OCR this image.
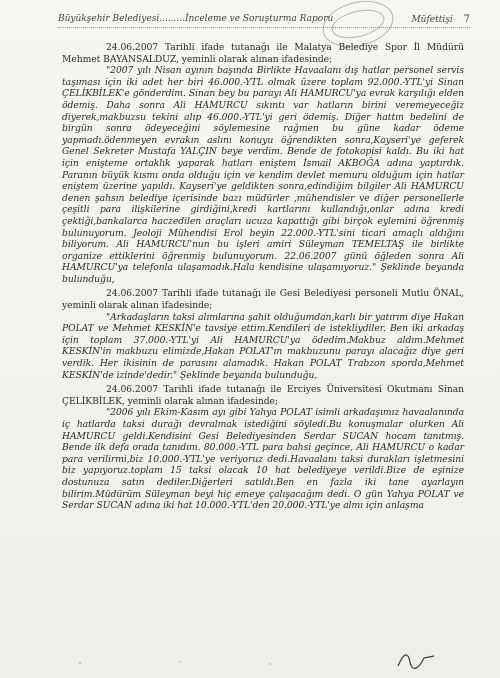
Büyükşehir Belediyesi.........İnceleme ve Soruşturma Raporu	Müfettişi 7

24.06.2007 Tarihli ifade tutanağı ile Malatya Belediye Spor İl Müdürü Mehmet BAYANSALDUZ, yeminli olarak alınan ifadesinde;

"2007 yılı Nisan ayının başında Birlikte Havaalanı dış hatlar personel servis taşıması için iki adet her biri 46.000.-YTL olmak üzere toplam 92.000.-YTL'yi Sinan ÇELİKBİLEK'e gönderdim. Sinan bey bu parayı Ali HAMURCU'ya evrak karşılığı elden ödemiş. Daha sonra Ali HAMURCU sıkıntı var hatların birini veremeyeceğiz diyerek,makbuzsu tekini alıp 46.000.-YTL'yi geri ödemiş. Diğer hattın bedelini de birgün sonra ödeyeceğini söylemesine rağmen bu güne kadar ödeme yapmadı.ödenmeyen evrakın aslını konuyu öğrendikten sonra,Kayseri'ye geferek Genel Sekreter Mustafa YALÇIN beye verdim. Bende de fotokopisi kaldı. Bu iki hat için enişteme ortaklık yaparak hatları eniştem İsmail AKBOĞA adına yaptırdık. Paranın büyük kısmı onda olduğu için ve kendim devlet memuru olduğum için hatlar eniştem üzerine yapıldı. Kayseri'ye geldikten sonra,edindiğim bilgiler Ali HAMURCU denen şahsın belediye içerisinde bazı müdürler ,mühendisler ve diğer personellerle çeşitli para ilişkilerine girdiğini,kredi kartlarını kullandığı,onlar adına kredi çektiği,bankalarca haczedilen araçları ucuza kapattığı gibi birçok eylemini öğrenmiş bulunuyorum. Jeoloji Mühendisi Erol beyin 22.000.-YTL'sini ticari amaçlı aldığını biliyorum. Ali HAMURCU'nun bu işleri amiri Süleyman TEMELTAŞ ile birlikte organize ettiklerini öğrenmiş bulunuyorum. 22.06.2007 günü öğleden sonra Ali HAMURCU'ya telefonla ulaşamadık.Hala kendisine ulaşamıyoruz." Şeklinde beyanda bulunduğu,

24.06.2007 Tarihli ifade tutanağı ile Gesi Belediyesi personeli Mutlu ÖNAL, yeminli olarak alınan ifadesinde;

"Arkadaşların taksi alımlarına şahit olduğumdan,karlı bir yatırım diye Hakan POLAT ve Mehmet KESKİN'e tavsiye ettim.Kendileri de istekliydiler. Ben iki arkadaş için toplam 37.000.-YTL'yi Ali HAMURCU'ya ödedim.Makbuz aldım.Mehmet KESKİN'in makbuzu elimizde,Hakan POLAT'ın makbuzunu parayı alacağız diye geri verdik. Her ikisinin de parasını alamadık. Hakan POLAT Trabzon sporda,Mehmet KESKİN'de izinde'dedir." Şeklinde beyanda bulunduğu,

24.06.2007 Tarihli ifade tutanağı ile Erciyes Üniversitesi Okutmanı Sinan ÇELİKBİLEK, yeminli olarak alınan ifadesinde;

"2006 yılı Ekim-Kasım ayı gibi Yahya POLAT isimli arkadaşımız havaalanında iç hatlarda taksi durağı devralmak istediğini söyledi.Bu konuşmalar olurken Ali HAMURCU geldi.Kendisini Gesi Belediyesinden Serdar SUCAN hocam tanıtmış. Bende ilk defa orada tanıdım. 80.000.-YTL para bahsi geçince, Ali HAMURCU o kadar para verilirmi,biz 10.000.-YTL'ye veriyoruz dedi.Havaalanı taksi durakları işletmesini biz yapıyoruz.toplam 15 taksi olacak 10 hat belediyeye verildi.Bize de eşinize dostunuza satın dediler.Diğerleri satıldı.Ben en fazla iki tane ayarlayın bilirim.Müdürüm Süleyman beyi hiç emeye çalışacağım dedi. O gün Yahya POLAT ve Serdar SUCAN adına iki hat 10.000.-YTL'den 20.000.-YTL'ye almı için anlaşma
